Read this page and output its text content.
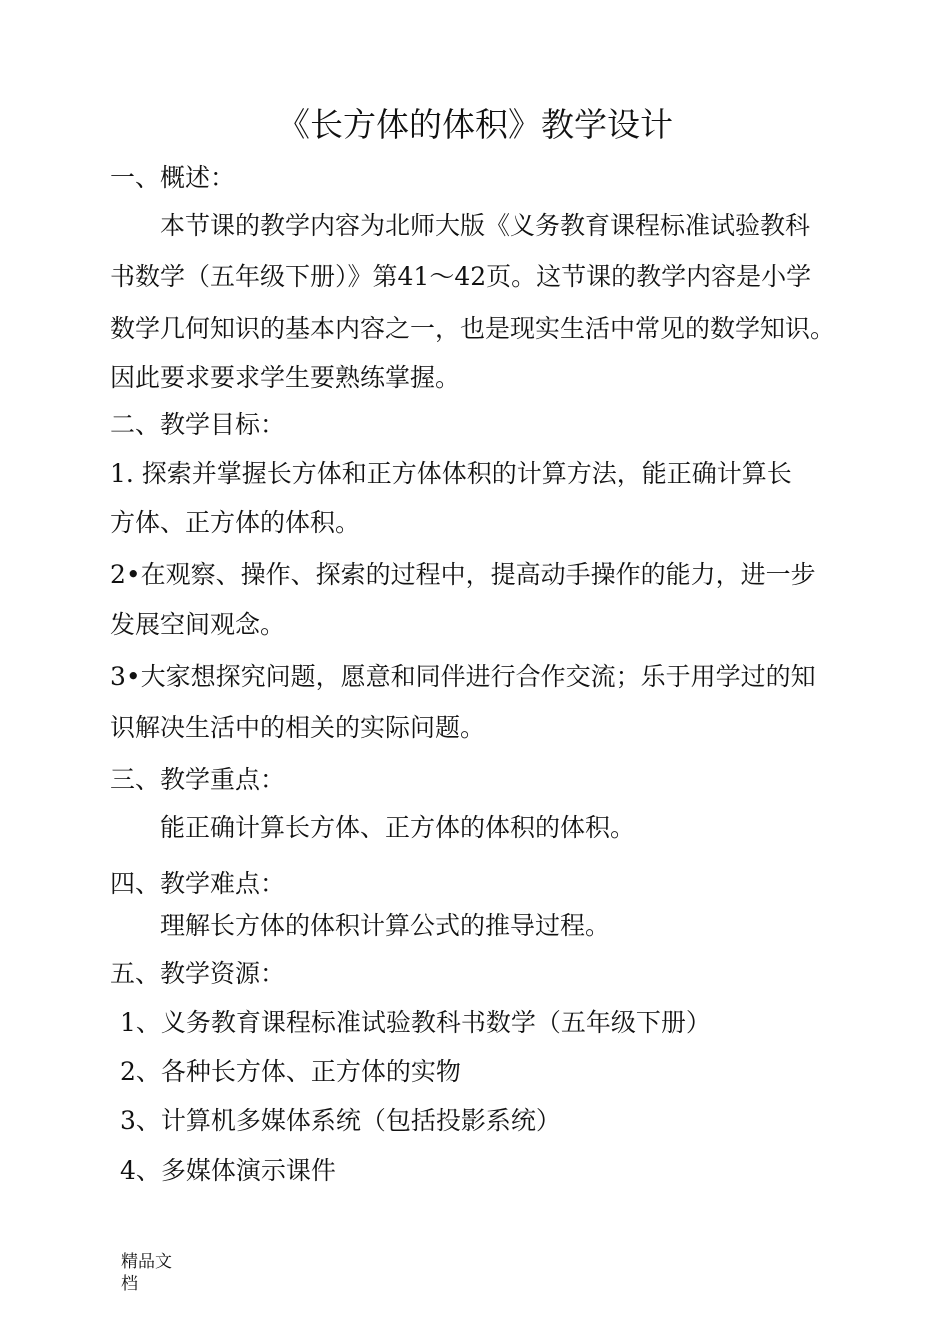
《长方体的体积》教学设计
一、概述：
本节课的教学内容为北师大版《义务教育课程标准试验教科
书数学（五年级下册）》第41～42页。这节课的教学内容是小学
数学几何知识的基本内容之一，也是现实生活中常见的数学知识。
因此要求要求学生要熟练掌握。
二、教学目标：
1. 探索并掌握长方体和正方体体积的计算方法，能正确计算长
方体、正方体的体积。
2•在观察、操作、探索的过程中，提高动手操作的能力，进一步
发展空间观念。
3•大家想探究问题，愿意和同伴进行合作交流；乐于用学过的知
识解决生活中的相关的实际问题。
三、教学重点：
能正确计算长方体、正方体的体积的体积。
四、教学难点：
理解长方体的体积计算公式的推导过程。
五、教学资源：
1、义务教育课程标准试验教科书数学（五年级下册）
2、各种长方体、正方体的实物
3、计算机多媒体系统（包括投影系统）
4、多媒体演示课件
精品文
档
